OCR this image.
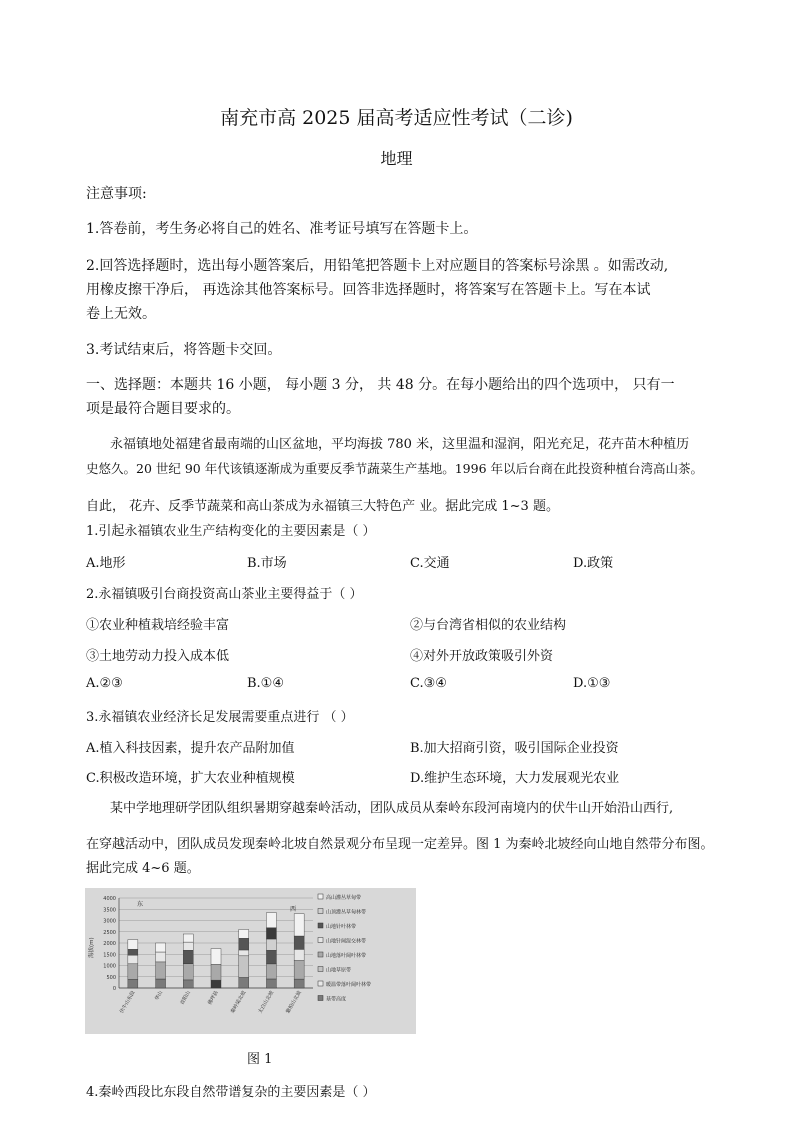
南充市高 2025 届高考适应性考试（二诊)
地理
注意事项:
1.答卷前，考生务必将自己的姓名、准考证号填写在答题卡上。
2.回答选择题时，选出每小题答案后，用铅笔把答题卡上对应题目的答案标号涂黑 。如需改动,
用橡皮擦干净后， 再选涂其他答案标号。回答非选择题时，将答案写在答题卡上。写在本试
卷上无效。
3.考试结束后，将答题卡交回。
一、选择题：本题共 16 小题， 每小题 3 分， 共 48 分。在每小题给出的四个选项中， 只有一
项是最符合题目要求的。
永福镇地处福建省最南端的山区盆地，平均海拔 780 米，这里温和湿润，阳光充足，花卉苗木种植历
史悠久。20 世纪 90 年代该镇逐渐成为重要反季节蔬菜生产基地。1996 年以后台商在此投资种植台湾高山茶。
自此， 花卉、反季节蔬菜和高山茶成为永福镇三大特色产 业。据此完成 1~3 题。
1.引起永福镇农业生产结构变化的主要因素是（ ）
A.地形	B.市场	C.交通	D.政策
2.永福镇吸引台商投资高山茶业主要得益于（ ）
①农业种植栽培经验丰富	②与台湾省相似的农业结构
③土地劳动力投入成本低	④对外开放政策吸引外资
A.②③	B.①④	C.③④	D.①③
3.永福镇农业经济长足发展需要重点进行 （ ）
A.植入科技因素，提升农产品附加值	B.加大招商引资，吸引国际企业投资
C.积极改造环境，扩大农业种植规模	D.维护生态环境，大力发展观光农业
某中学地理研学团队组织暑期穿越秦岭活动，团队成员从秦岭东段河南境内的伏牛山开始沿山西行,
在穿越活动中，团队成员发现秦岭北坡自然景观分布呈现一定差异。图 1 为秦岭北坡经向山地自然带分布图。
据此完成 4~6 题。
0
500
1000
1500
2000
2500
3000
3500
4000
海拔(m)
东
西
伏牛山东段	华山	首阳山	佛坪县 秦岭梁北坡 太白山北坡 紫柏山北坡
高山灌丛草甸带
山顶灌丛草甸林带
山地针叶林带
山地针阔混交林带
山地落叶阔叶林带
山地草原带
暖温带落叶阔叶林带
基带高度
图 1
4.秦岭西段比东段自然带谱复杂的主要因素是（ ）
